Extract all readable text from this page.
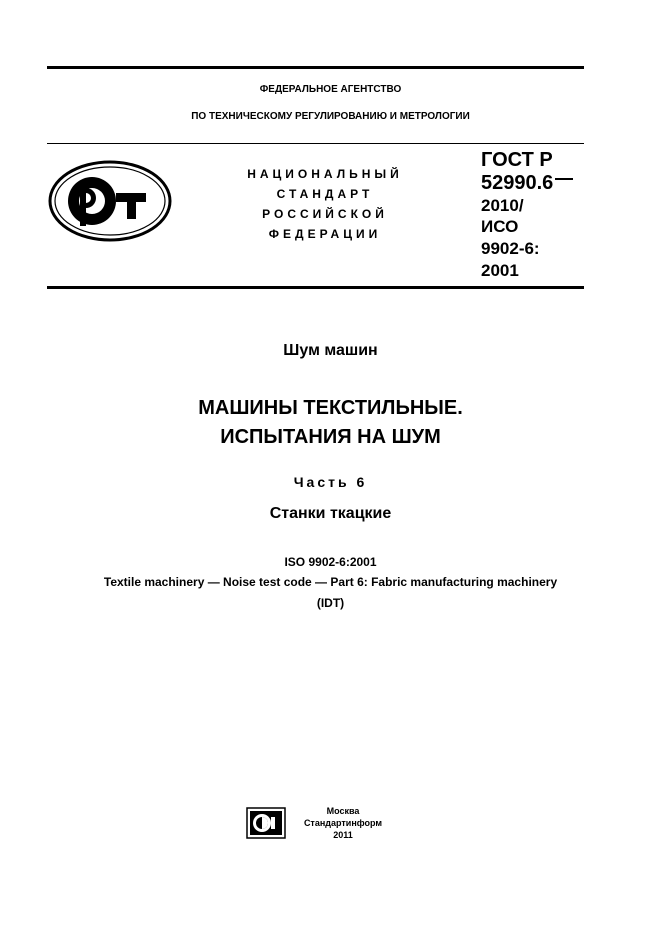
ФЕДЕРАЛЬНОЕ АГЕНТСТВО
ПО ТЕХНИЧЕСКОМУ РЕГУЛИРОВАНИЮ И МЕТРОЛОГИИ
НАЦИОНАЛЬНЫЙ
СТАНДАРТ
РОССИЙСКОЙ
ФЕДЕРАЦИИ
ГОСТ Р
52990.6
2010/
ИСО
9902-6:
2001
Шум машин
МАШИНЫ ТЕКСТИЛЬНЫЕ.
ИСПЫТАНИЯ НА ШУМ
Часть 6
Станки ткацкие
ISO 9902-6:2001
Textile machinery — Noise test code — Part 6: Fabric manufacturing machinery
(IDT)
Москва
Стандартинформ
2011
